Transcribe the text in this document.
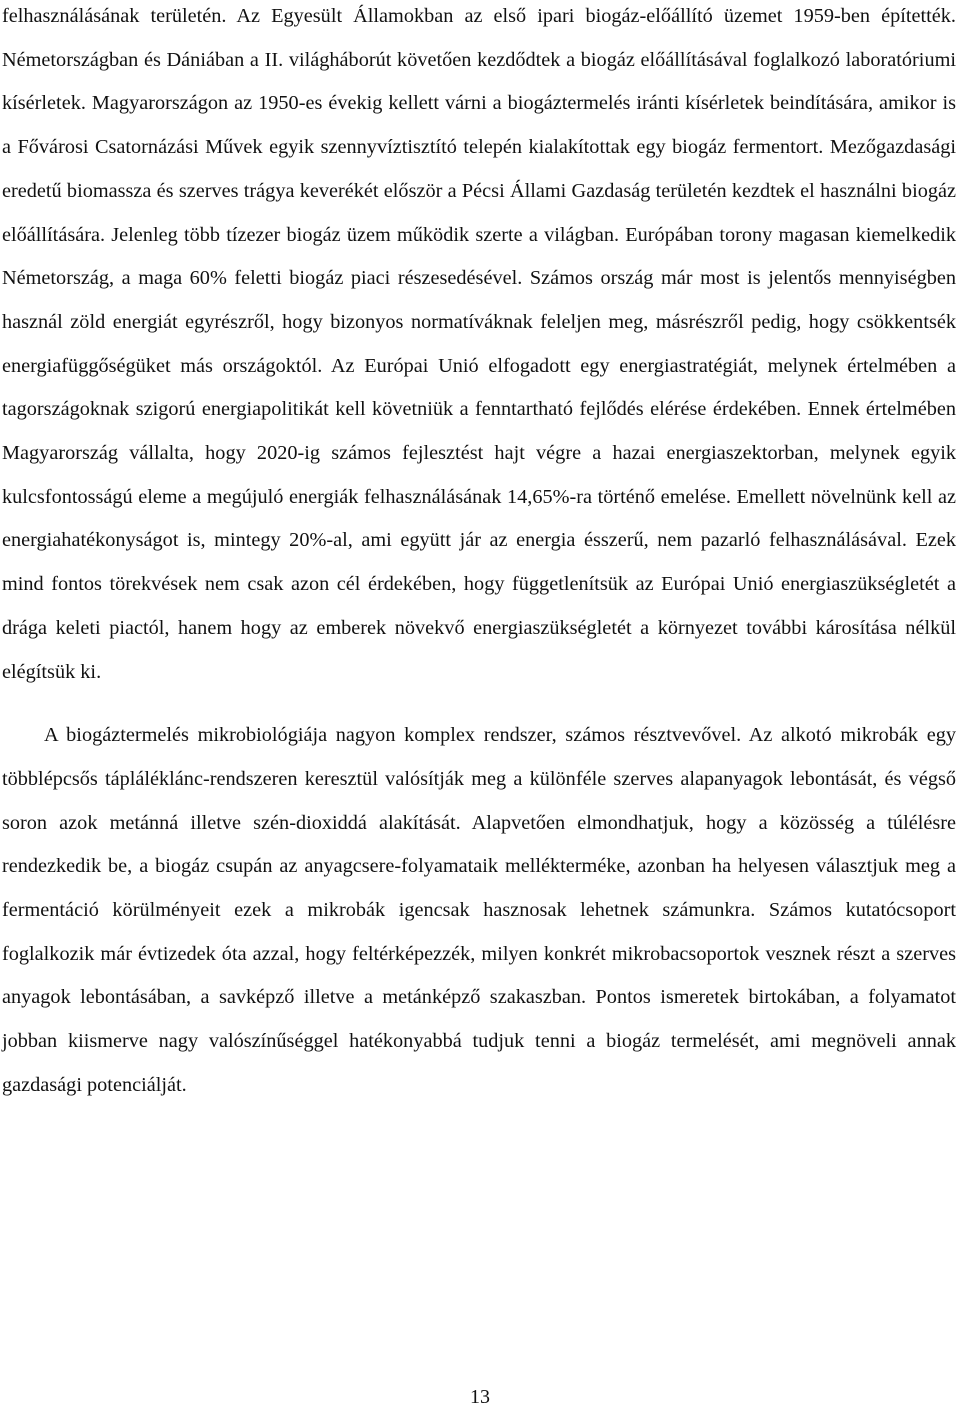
felhasználásának területén. Az Egyesült Államokban az első ipari biogáz-előállító üzemet 1959-ben építették. Németországban és Dániában a II. világháborút követően kezdődtek a biogáz előállításával foglalkozó laboratóriumi kísérletek. Magyarországon az 1950-es évekig kellett várni a biogáztermelés iránti kísérletek beindítására, amikor is a Fővárosi Csatornázási Művek egyik szennyvíztisztító telepén kialakítottak egy biogáz fermentort. Mezőgazdasági eredetű biomassza és szerves trágya keverékét először a Pécsi Állami Gazdaság területén kezdtek el használni biogáz előállítására. Jelenleg több tízezer biogáz üzem működik szerte a világban. Európában torony magasan kiemelkedik Németország, a maga 60% feletti biogáz piaci részesedésével. Számos ország már most is jelentős mennyiségben használ zöld energiát egyrészről, hogy bizonyos normatíváknak feleljen meg, másrészről pedig, hogy csökkentsék energiafüggőségüket más országoktól. Az Európai Unió elfogadott egy energiastratégiát, melynek értelmében a tagországoknak szigorú energiapolitikát kell követniük a fenntartható fejlődés elérése érdekében. Ennek értelmében Magyarország vállalta, hogy 2020-ig számos fejlesztést hajt végre a hazai energiaszektorban, melynek egyik kulcsfontosságú eleme a megújuló energiák felhasználásának 14,65%-ra történő emelése. Emellett növelnünk kell az energiahatékonyságot is, mintegy 20%-al, ami együtt jár az energia ésszerű, nem pazarló felhasználásával. Ezek mind fontos törekvések nem csak azon cél érdekében, hogy függetlenítsük az Európai Unió energiaszükségletét a drága keleti piactól, hanem hogy az emberek növekvő energiaszükségletét a környezet további károsítása nélkül elégítsük ki.

A biogáztermelés mikrobiológiája nagyon komplex rendszer, számos résztvevővel. Az alkotó mikrobák egy többlépcsős tápláléklánc-rendszeren keresztül valósítják meg a különféle szerves alapanyagok lebontását, és végső soron azok metánná illetve szén-dioxiddá alakítását. Alapvetően elmondhatjuk, hogy a közösség a túlélésre rendezkedik be, a biogáz csupán az anyagcsere-folyamataik mellékterméke, azonban ha helyesen választjuk meg a fermentáció körülményeit ezek a mikrobák igencsak hasznosak lehetnek számunkra. Számos kutatócsoport foglalkozik már évtizedek óta azzal, hogy feltérképezzék, milyen konkrét mikrobacsoportok vesznek részt a szerves anyagok lebontásában, a savképző illetve a metánképző szakaszban. Pontos ismeretek birtokában, a folyamatot jobban kiismerve nagy valószínűséggel hatékonyabbá tudjuk tenni a biogáz termelését, ami megnöveli annak gazdasági potenciálját.

13
